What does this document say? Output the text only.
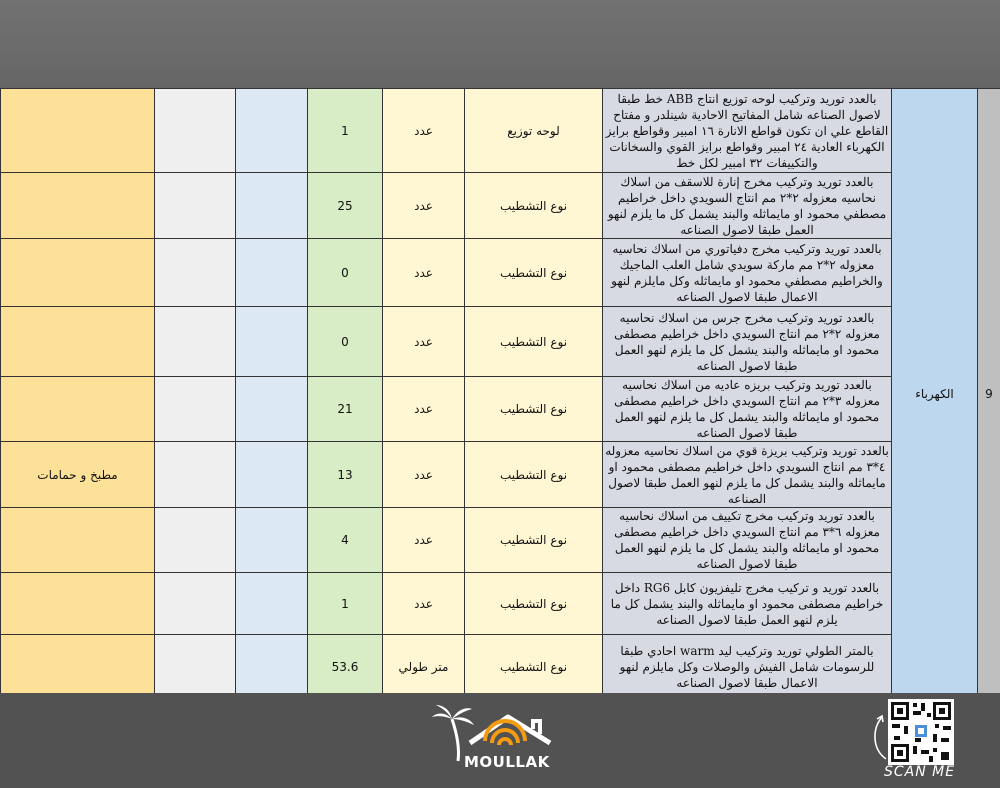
			1	عدد	لوحه توزيع	بالعدد توريد وتركيب لوحه توزيع انتاج ABB خط طبقا لاصول الصناعه شامل المفاتيح الاحادية شينلدر و مفتاح القاطع علي ان تكون قواطع الانارة ١٦ امبير وقواطع برايز الكهرباء العادية ٢٤ امبير وقواطع برايز القوي والسخانات والتكييفات ٣٢ امبير لكل خط	الكهرباء	9
			25	عدد	نوع التشطيب	بالعدد توريد وتركيب مخرج إنارة للاسقف من اسلاك نحاسيه معزوله ٢*٢ مم انتاج السويدي داخل خراطيم مصطفي محمود او مايماثله والبند يشمل كل ما يلزم لنهو العمل طبقا لاصول الصناعه		
			0	عدد	نوع التشطيب	بالعدد توريد وتركيب مخرج دفياتوري من اسلاك نحاسيه معزوله ٢*٢ مم ماركة سويدي شامل العلب الماجيك والخراطيم مصطفي محمود او مايماثله وكل مايلزم لنهو الاعمال طبقا لاصول الصناعه		
			0	عدد	نوع التشطيب	بالعدد توريد وتركيب مخرج جرس من اسلاك نحاسيه معزوله ٢*٢ مم انتاج السويدي داخل خراطيم مصطفى محمود او مايماثله والبند يشمل كل ما يلزم لنهو العمل طبقا لاصول الصناعه		
			21	عدد	نوع التشطيب	بالعدد توريد وتركيب بريزه عاديه من اسلاك نحاسيه معزوله ٣*٢ مم انتاج السويدي داخل خراطيم مصطفى محمود او مايماثله والبند يشمل كل ما يلزم لنهو العمل طبقا لاصول الصناعه		
مطبخ و حمامات			13	عدد	نوع التشطيب	بالعدد توريد وتركيب بريزة قوي من اسلاك نحاسيه معزوله ٤*٣ مم انتاج السويدي داخل خراطيم مصطفى محمود او مايماثله والبند يشمل كل ما يلزم لنهو العمل طبقا لاصول الصناعه		
			4	عدد	نوع التشطيب	بالعدد توريد وتركيب مخرج تكييف من اسلاك نحاسيه معزوله ٦*٣ مم انتاج السويدي داخل خراطيم مصطفى محمود او مايماثله والبند يشمل كل ما يلزم لنهو العمل طبقا لاصول الصناعه		
			1	عدد	نوع التشطيب	بالعدد توريد و تركيب مخرج تليفزيون كابل RG6 داخل خراطيم مصطفى محمود او مايماثله والبند يشمل كل ما يلزم لنهو العمل طبقا لاصول الصناعه		
			53.6	متر طولي	نوع التشطيب	بالمتر الطولي توريد وتركيب ليد warm احادي طبقا للرسومات شامل الفيش والوصلات وكل مايلزم لنهو الاعمال طبقا لاصول الصناعه		
MOULLAK
SCAN ME
